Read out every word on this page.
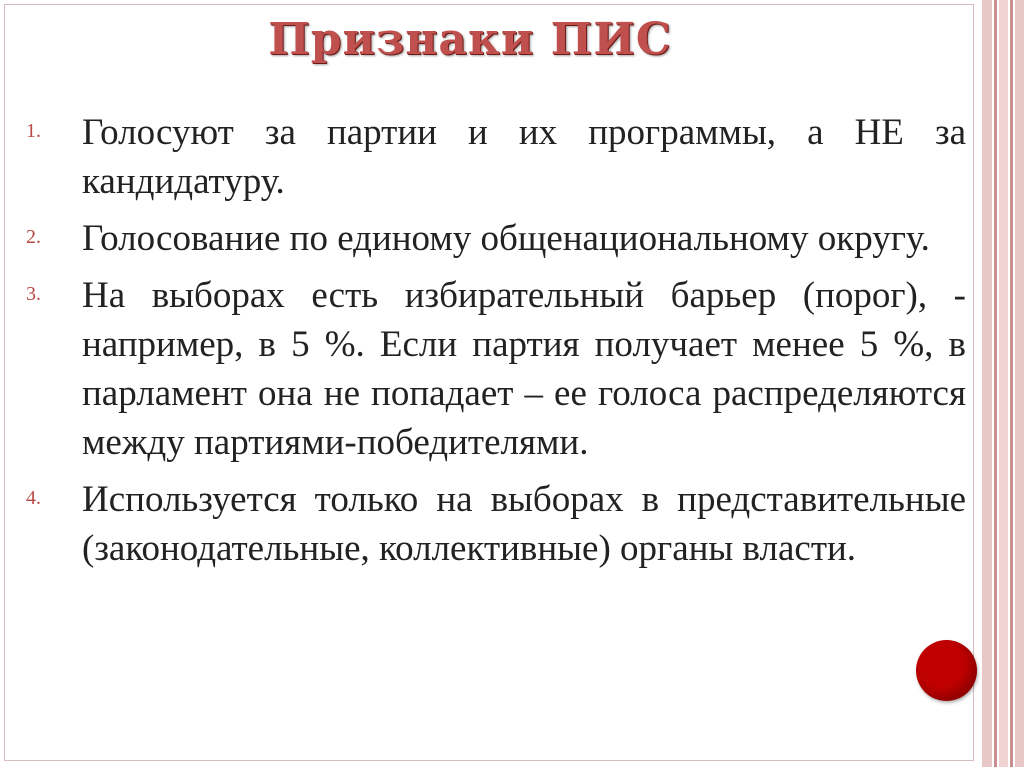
Признаки ПИС
1.	Голосуют за партии и их программы, а НЕ за кандидатуру.
2.	Голосование по единому общенациональному округу.
3.	На выборах есть избирательный барьер (порог), - например, в 5 %. Если партия получает менее 5 %, в парламент она не попадает – ее голоса распределяются между партиями-победителями.
4.	Используется только на выборах в представительные (законодательные, коллективные) органы власти.
